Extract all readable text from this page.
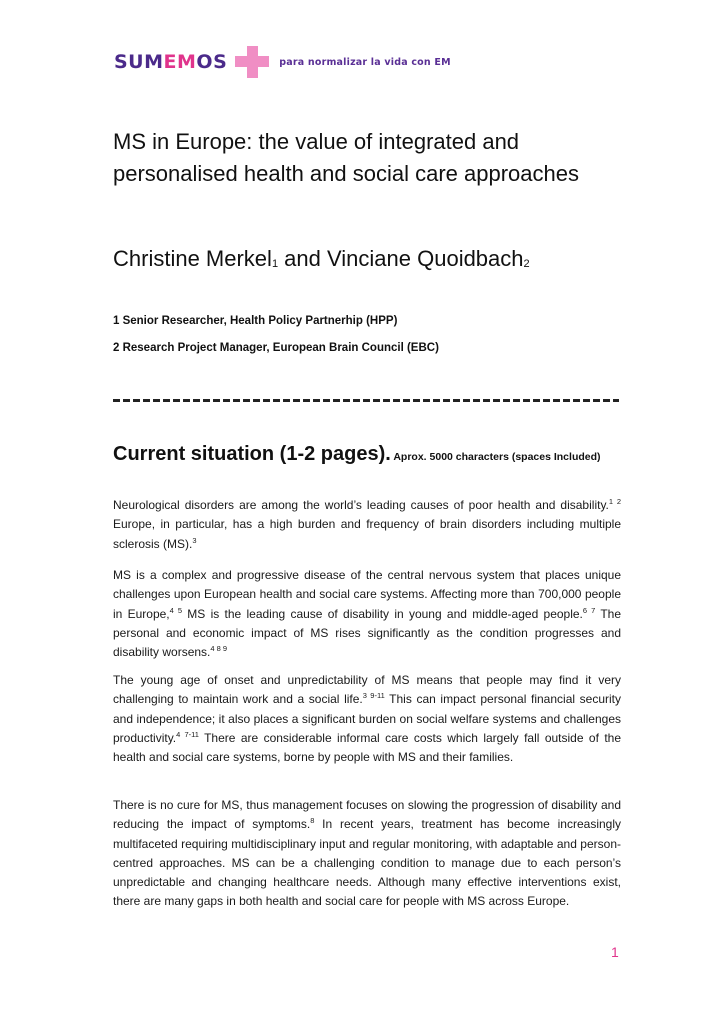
SUMEMOS	para normalizar la vida con EM
MS in Europe: the value of integrated and personalised health and social care approaches
Christine Merkel$_1$ and Vinciane Quoidbach$_2$
1 Senior Researcher, Health Policy Partnerhip (HPP)
2 Research Project Manager, European Brain Council (EBC)
Current situation (1-2 pages). Aprox. 5000 characters (spaces Included)
Neurological disorders are among the world’s leading causes of poor health and disability.$^{1 2}$ Europe, in particular, has a high burden and frequency of brain disorders including multiple sclerosis (MS).$^3$
MS is a complex and progressive disease of the central nervous system that places unique challenges upon European health and social care systems. Affecting more than 700,000 people in Europe,$^{4 5}$ MS is the leading cause of disability in young and middle-aged people.$^{6 7}$ The personal and economic impact of MS rises significantly as the condition progresses and disability worsens.$^{4 8 9}$
The young age of onset and unpredictability of MS means that people may find it very challenging to maintain work and a social life.$^{3 9-11}$ This can impact personal financial security and independence; it also places a significant burden on social welfare systems and challenges productivity.$^{4 7-11}$ There are considerable informal care costs which largely fall outside of the health and social care systems, borne by people with MS and their families.
There is no cure for MS, thus management focuses on slowing the progression of disability and reducing the impact of symptoms.$^8$ In recent years, treatment has become increasingly multifaceted requiring multidisciplinary input and regular monitoring, with adaptable and person-centred approaches. MS can be a challenging condition to manage due to each person’s unpredictable and changing healthcare needs. Although many effective interventions exist, there are many gaps in both health and social care for people with MS across Europe.
1
